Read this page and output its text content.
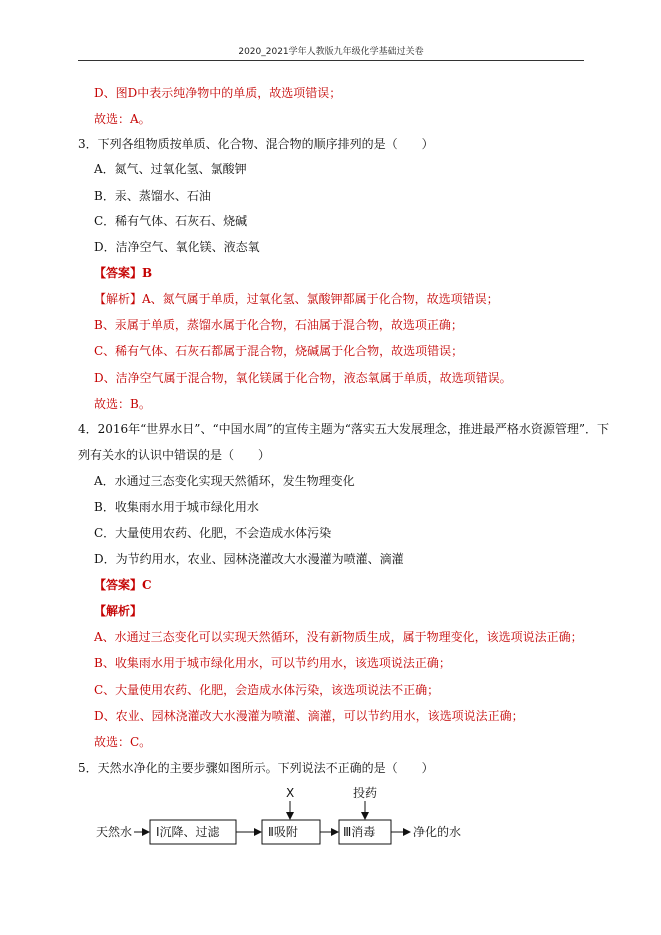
2020_2021学年人教版九年级化学基础过关卷
D、图D中表示纯净物中的单质，故选项错误；
故选：A。
3．下列各组物质按单质、化合物、混合物的顺序排列的是（　　）
A．氮气、过氧化氢、氯酸钾
B．汞、蒸馏水、石油
C．稀有气体、石灰石、烧碱
D．洁净空气、氧化镁、液态氧
【答案】B
【解析】A、氮气属于单质，过氧化氢、氯酸钾都属于化合物，故选项错误；
B、汞属于单质，蒸馏水属于化合物，石油属于混合物，故选项正确；
C、稀有气体、石灰石都属于混合物，烧碱属于化合物，故选项错误；
D、洁净空气属于混合物，氧化镁属于化合物，液态氧属于单质，故选项错误。
故选：B。
4．2016年“世界水日”、“中国水周”的宣传主题为“落实五大发展理念，推进最严格水资源管理”．下
列有关水的认识中错误的是（　　）
A．水通过三态变化实现天然循环，发生物理变化
B．收集雨水用于城市绿化用水
C．大量使用农药、化肥，不会造成水体污染
D．为节约用水，农业、园林浇灌改大水漫灌为喷灌、滴灌
【答案】C
【解析】
A、水通过三态变化可以实现天然循环，没有新物质生成，属于物理变化，该选项说法正确；
B、收集雨水用于城市绿化用水，可以节约用水，该选项说法正确；
C、大量使用农药、化肥，会造成水体污染，该选项说法不正确；
D、农业、园林浇灌改大水漫灌为喷灌、滴灌，可以节约用水，该选项说法正确；
故选：C。
5．天然水净化的主要步骤如图所示。下列说法不正确的是（　　）
天然水 Ⅰ沉降、过滤	Ⅱ吸附	Ⅲ消毒	净化的水
X	投药
